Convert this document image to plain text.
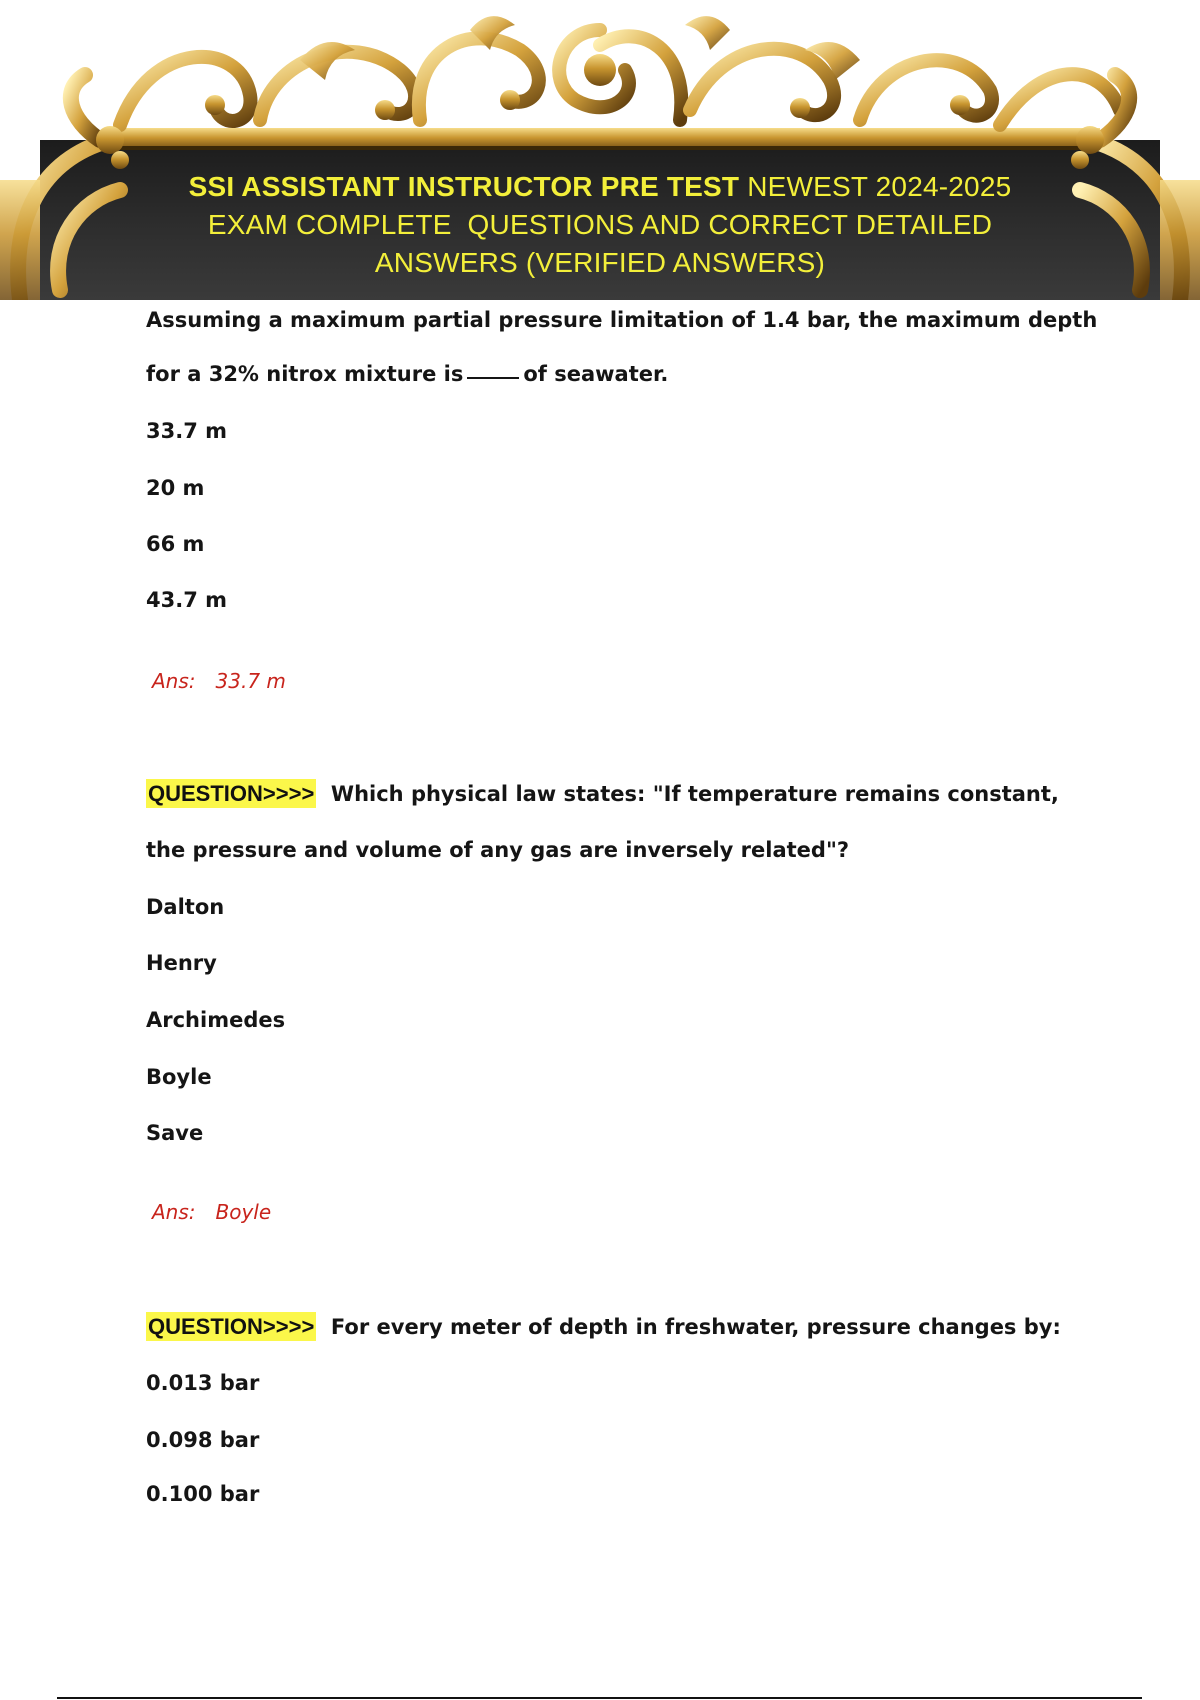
SSI ASSISTANT INSTRUCTOR PRE TEST NEWEST 2024-2025
EXAM COMPLETE  QUESTIONS AND CORRECT DETAILED
ANSWERS (VERIFIED ANSWERS)
Assuming a maximum partial pressure limitation of 1.4 bar, the maximum depth
for a 32% nitrox mixture is	of seawater.
33.7 m
20 m
66 m
43.7 m
Ans: 33.7 m
QUESTION>>>> Which physical law states: "If temperature remains constant,
the pressure and volume of any gas are inversely related"?
Dalton
Henry
Archimedes
Boyle
Save
Ans: Boyle
QUESTION>>>> For every meter of depth in freshwater, pressure changes by:
0.013 bar
0.098 bar
0.100 bar
